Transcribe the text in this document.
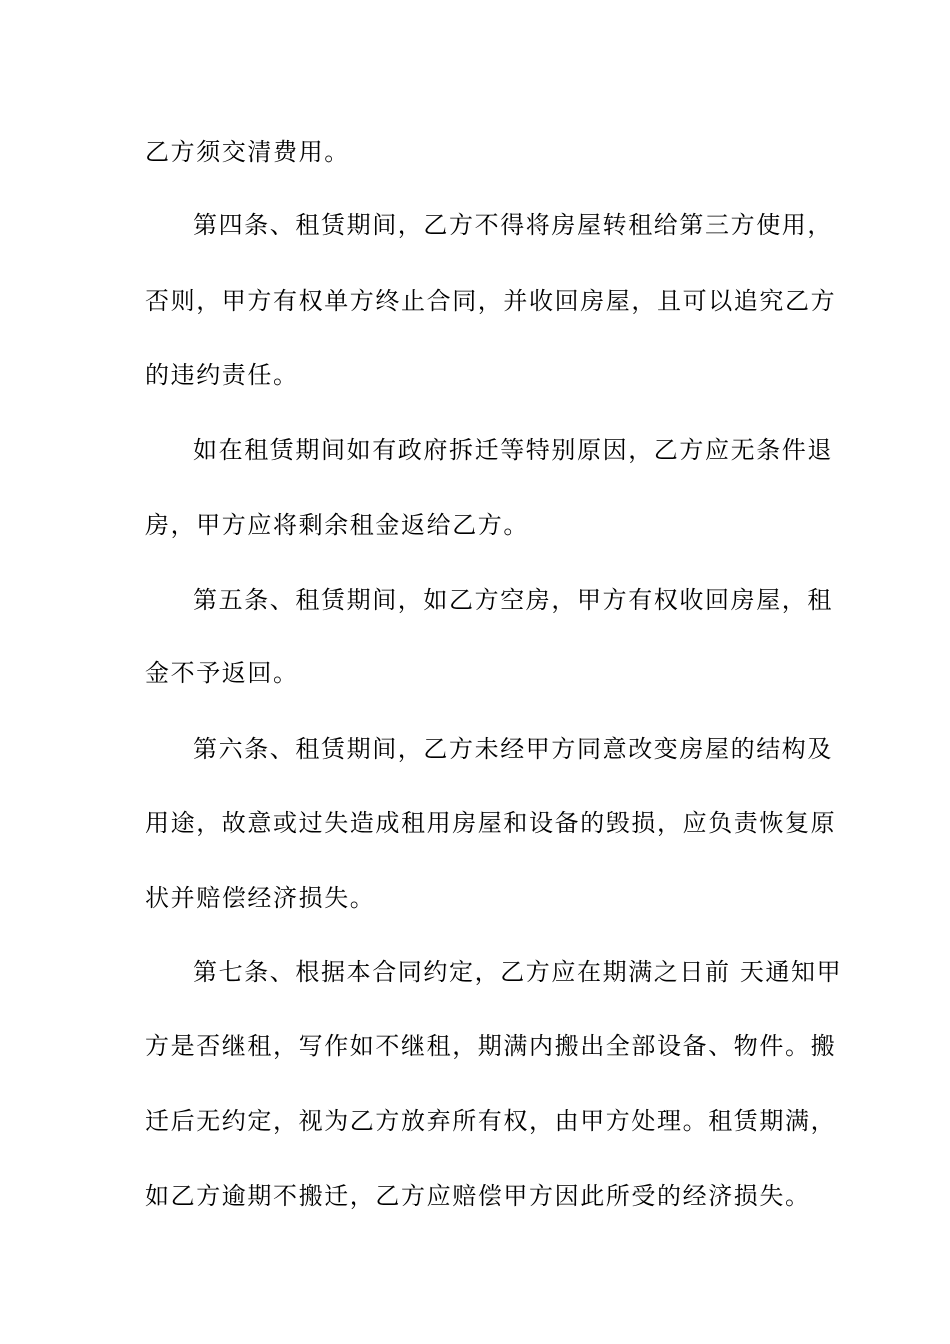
乙方须交清费用。
第四条、租赁期间，乙方不得将房屋转租给第三方使用，
否则，甲方有权单方终止合同，并收回房屋，且可以追究乙方
的违约责任。
如在租赁期间如有政府拆迁等特别原因，乙方应无条件退
房，甲方应将剩余租金返给乙方。
第五条、租赁期间，如乙方空房，甲方有权收回房屋，租
金不予返回。
第六条、租赁期间，乙方未经甲方同意改变房屋的结构及
用途，故意或过失造成租用房屋和设备的毁损，应负责恢复原
状并赔偿经济损失。
第七条、根据本合同约定，乙方应在期满之日前 天通知甲
方是否继租，写作如不继租，期满内搬出全部设备、物件。搬
迁后无约定，视为乙方放弃所有权，由甲方处理。租赁期满，
如乙方逾期不搬迁，乙方应赔偿甲方因此所受的经济损失。
